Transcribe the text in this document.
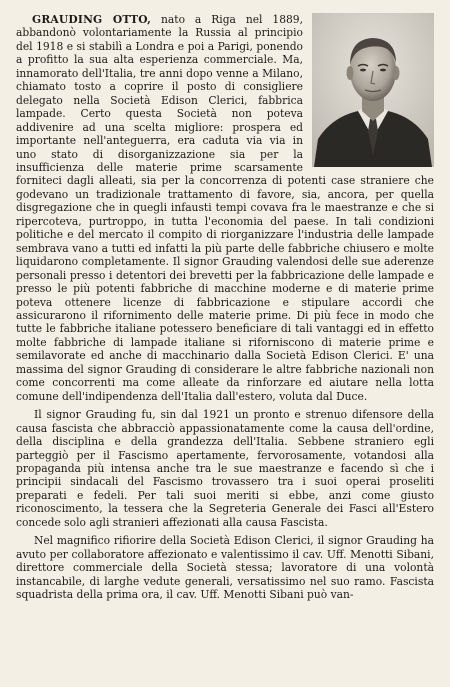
GRAUDING OTTO, nato a Riga nel 1889, abbandonò volontariamente la Russia al principio del 1918 e si stabilì a Londra e poi a Parigi, ponendo a profitto la sua alta esperienza commerciale. Ma, innamorato dell'Italia, tre anni dopo venne a Milano, chiamato tosto a coprire il posto di consigliere delegato nella Società Edison Clerici, fabbrica lampade. Certo questa Società non poteva addivenire ad una scelta migliore: prospera ed importante nell'anteguerra, era caduta via via in uno stato di disorganizzazione sia per la insufficienza delle materie prime scarsamente forniteci dagli alleati, sia per la concorrenza di potenti case straniere che godevano un tradizionale trattamento di favore, sia, ancora, per quella disgregazione che in quegli infausti tempi covava fra le maestranze e che si ripercoteva, purtroppo, in tutta l'economia del paese. In tali condizioni politiche e del mercato il compito di riorganizzare l'industria delle lampade sembrava vano a tutti ed infatti la più parte delle fabbriche chiusero e molte liquidarono completamente. Il signor Grauding valendosi delle sue aderenze personali presso i detentori dei brevetti per la fabbricazione delle lampade e presso le più potenti fabbriche di macchine moderne e di materie prime poteva ottenere licenze di fabbricazione e stipulare accordi che assicurarono il rifornimento delle materie prime. Di più fece in modo che tutte le fabbriche italiane potessero beneficiare di tali vantaggi ed in effetto molte fabbriche di lampade italiane si riforniscono di materie prime e semilavorate ed anche di macchinario dalla Società Edison Clerici. E' una massima del signor Grauding di considerare le altre fabbriche nazionali non come concorrenti ma come alleate da rinforzare ed aiutare nella lotta comune dell'indipendenza dell'Italia dall'estero, voluta dal Duce.

Il signor Grauding fu, sin dal 1921 un pronto e strenuo difensore della causa fascista che abbracciò appassionatamente come la causa dell'ordine, della disciplina e della grandezza dell'Italia. Sebbene straniero egli parteggiò per il Fascismo apertamente, fervorosamente, votandosi alla propaganda più intensa anche tra le sue maestranze e facendo sì che i principii sindacali del Fascismo trovassero tra i suoi operai proseliti preparati e fedeli. Per tali suoi meriti si ebbe, anzi come giusto riconoscimento, la tessera che la Segreteria Generale dei Fasci all'Estero concede solo agli stranieri affezionati alla causa Fascista.

Nel magnifico rifiorire della Società Edison Clerici, il signor Grauding ha avuto per collaboratore affezionato e valentissimo il cav. Uff. Menotti Sibani, direttore commerciale della Società stessa; lavoratore di una volontà instancabile, di larghe vedute generali, versatissimo nel suo ramo. Fascista squadrista della prima ora, il cav. Uff. Menotti Sibani può van-
